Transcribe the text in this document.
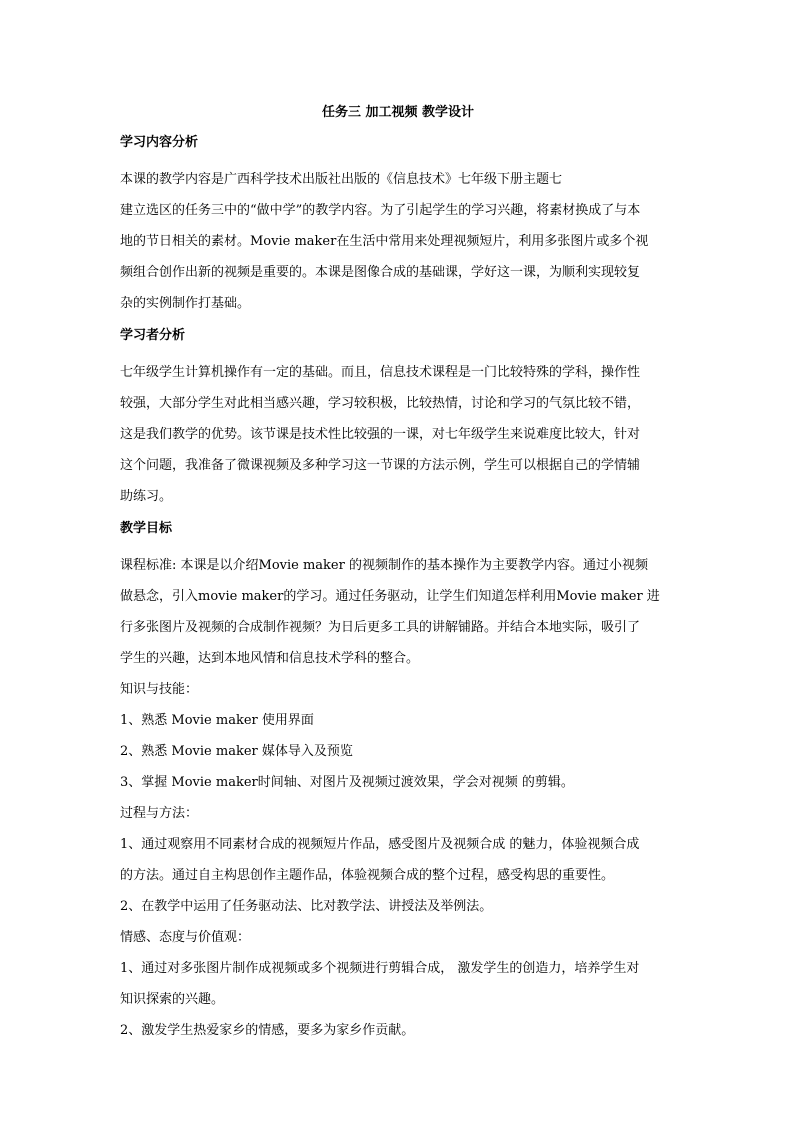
任务三 加工视频 教学设计
学习内容分析
本课的教学内容是广西科学技术出版社出版的《信息技术》七年级下册主题七
建立选区的任务三中的“做中学”的教学内容。为了引起学生的学习兴趣，将素材换成了与本
地的节日相关的素材。Movie maker在生活中常用来处理视频短片，利用多张图片或多个视
频组合创作出新的视频是重要的。本课是图像合成的基础课，学好这一课，为顺利实现较复
杂的实例制作打基础。
学习者分析
七年级学生计算机操作有一定的基础。而且，信息技术课程是一门比较特殊的学科，操作性
较强，大部分学生对此相当感兴趣，学习较积极，比较热情，讨论和学习的气氛比较不错，
这是我们教学的优势。该节课是技术性比较强的一课，对七年级学生来说难度比较大，针对
这个问题，我准备了微课视频及多种学习这一节课的方法示例，学生可以根据自己的学情辅
助练习。
教学目标
课程标准: 本课是以介绍Movie maker 的视频制作的基本操作为主要教学内容。通过小视频
做悬念，引入movie maker的学习。通过任务驱动，让学生们知道怎样利用Movie maker 进
行多张图片及视频的合成制作视频？为日后更多工具的讲解铺路。并结合本地实际，吸引了
学生的兴趣，达到本地风情和信息技术学科的整合。
知识与技能：
1、熟悉 Movie maker 使用界面
2、熟悉 Movie maker 媒体导入及预览
3、掌握 Movie maker时间轴、对图片及视频过渡效果，学会对视频 的剪辑。
过程与方法：
1、通过观察用不同素材合成的视频短片作品，感受图片及视频合成 的魅力，体验视频合成
的方法。通过自主构思创作主题作品，体验视频合成的整个过程，感受构思的重要性。
2、在教学中运用了任务驱动法、比对教学法、讲授法及举例法。
情感、态度与价值观：
1、通过对多张图片制作成视频或多个视频进行剪辑合成， 激发学生的创造力，培养学生对
知识探索的兴趣。
2、激发学生热爱家乡的情感，要多为家乡作贡献。
